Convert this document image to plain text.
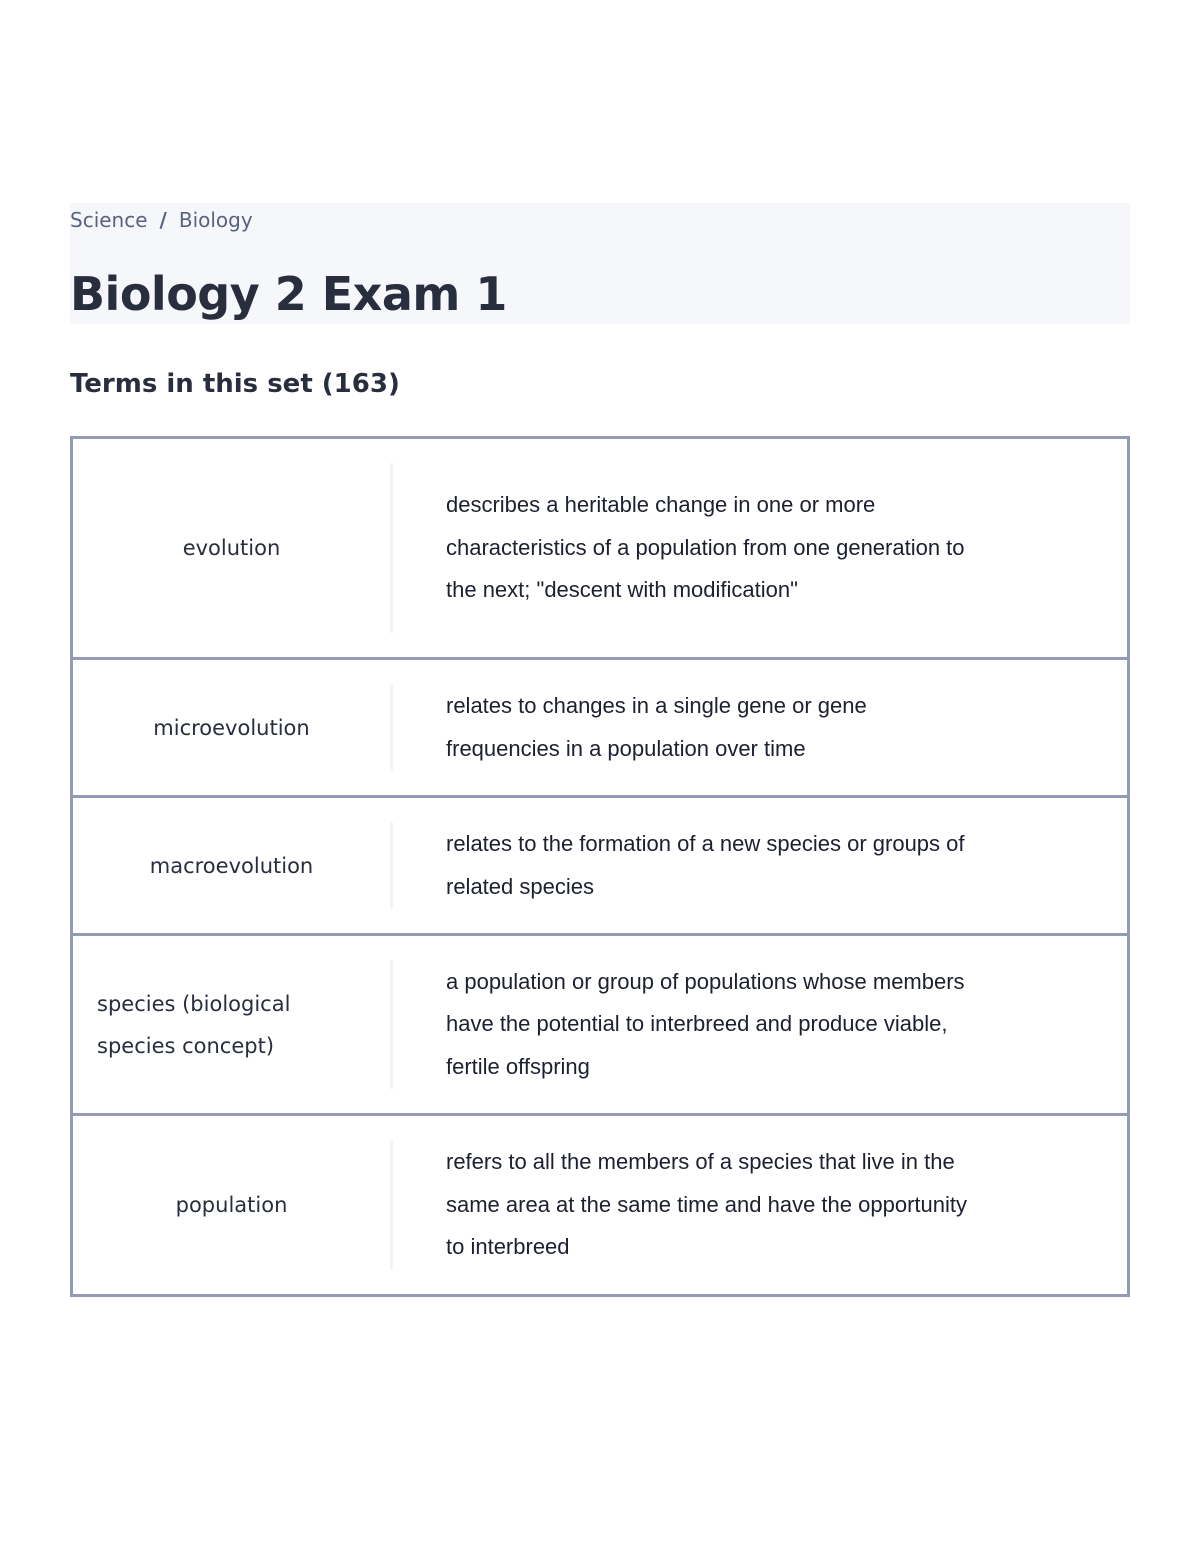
Science / Biology
Biology 2 Exam 1
Terms in this set (163)
evolution
describes a heritable change in one or more characteristics of a population from one generation to the next; "descent with modification"
microevolution
relates to changes in a single gene or gene frequencies in a population over time
macroevolution
relates to the formation of a new species or groups of related species
species (biological species concept)
a population or group of populations whose members have the potential to interbreed and produce viable, fertile offspring
population
refers to all the members of a species that live in the same area at the same time and have the opportunity to interbreed
